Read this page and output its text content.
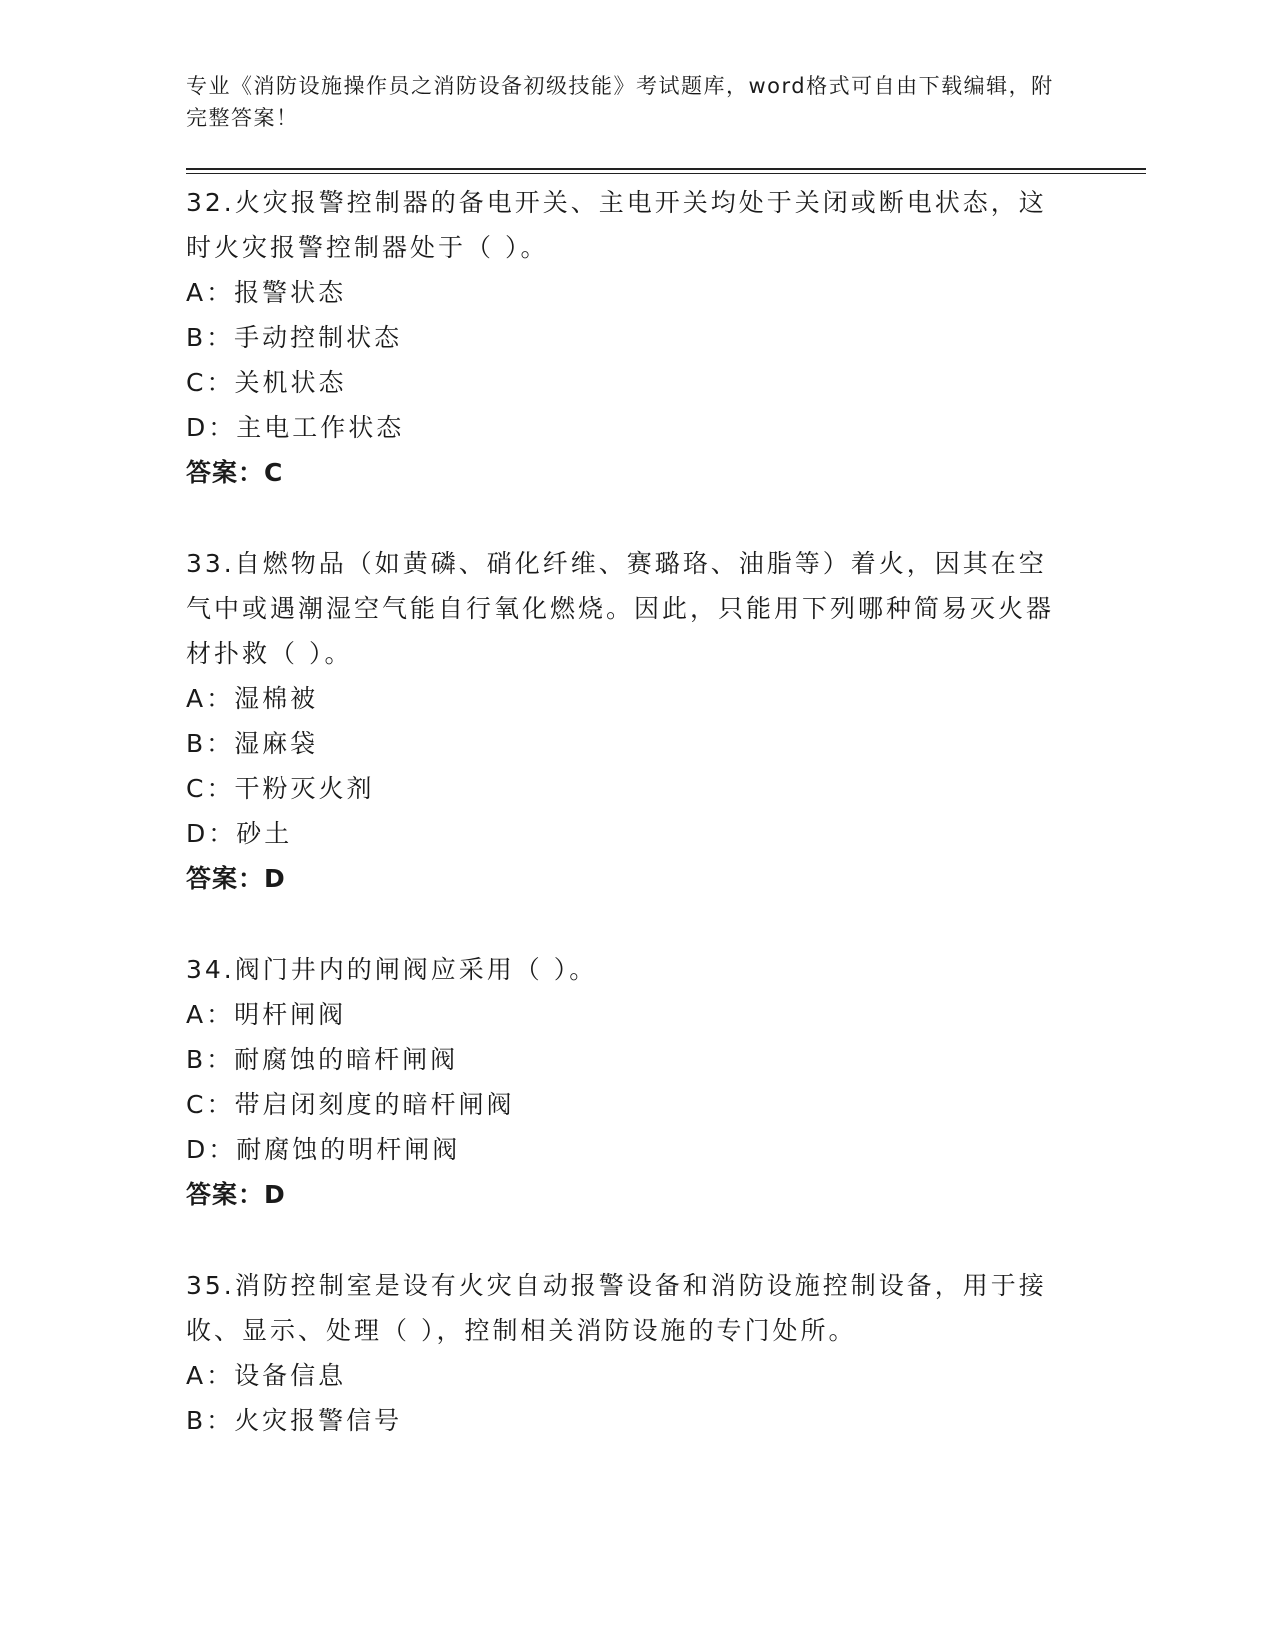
专业《消防设施操作员之消防设备初级技能》考试题库，word格式可自由下载编辑，附完整答案！
32.火灾报警控制器的备电开关、主电开关均处于关闭或断电状态，这时火灾报警控制器处于（ ）。
A：报警状态
B：手动控制状态
C：关机状态
D：主电工作状态
答案：C
33.自燃物品（如黄磷、硝化纤维、赛璐珞、油脂等）着火，因其在空气中或遇潮湿空气能自行氧化燃烧。因此，只能用下列哪种简易灭火器材扑救（ ）。
A：湿棉被
B：湿麻袋
C：干粉灭火剂
D：砂土
答案：D
34.阀门井内的闸阀应采用（ ）。
A：明杆闸阀
B：耐腐蚀的暗杆闸阀
C：带启闭刻度的暗杆闸阀
D：耐腐蚀的明杆闸阀
答案：D
35.消防控制室是设有火灾自动报警设备和消防设施控制设备，用于接收、显示、处理（ ），控制相关消防设施的专门处所。
A：设备信息
B：火灾报警信号
